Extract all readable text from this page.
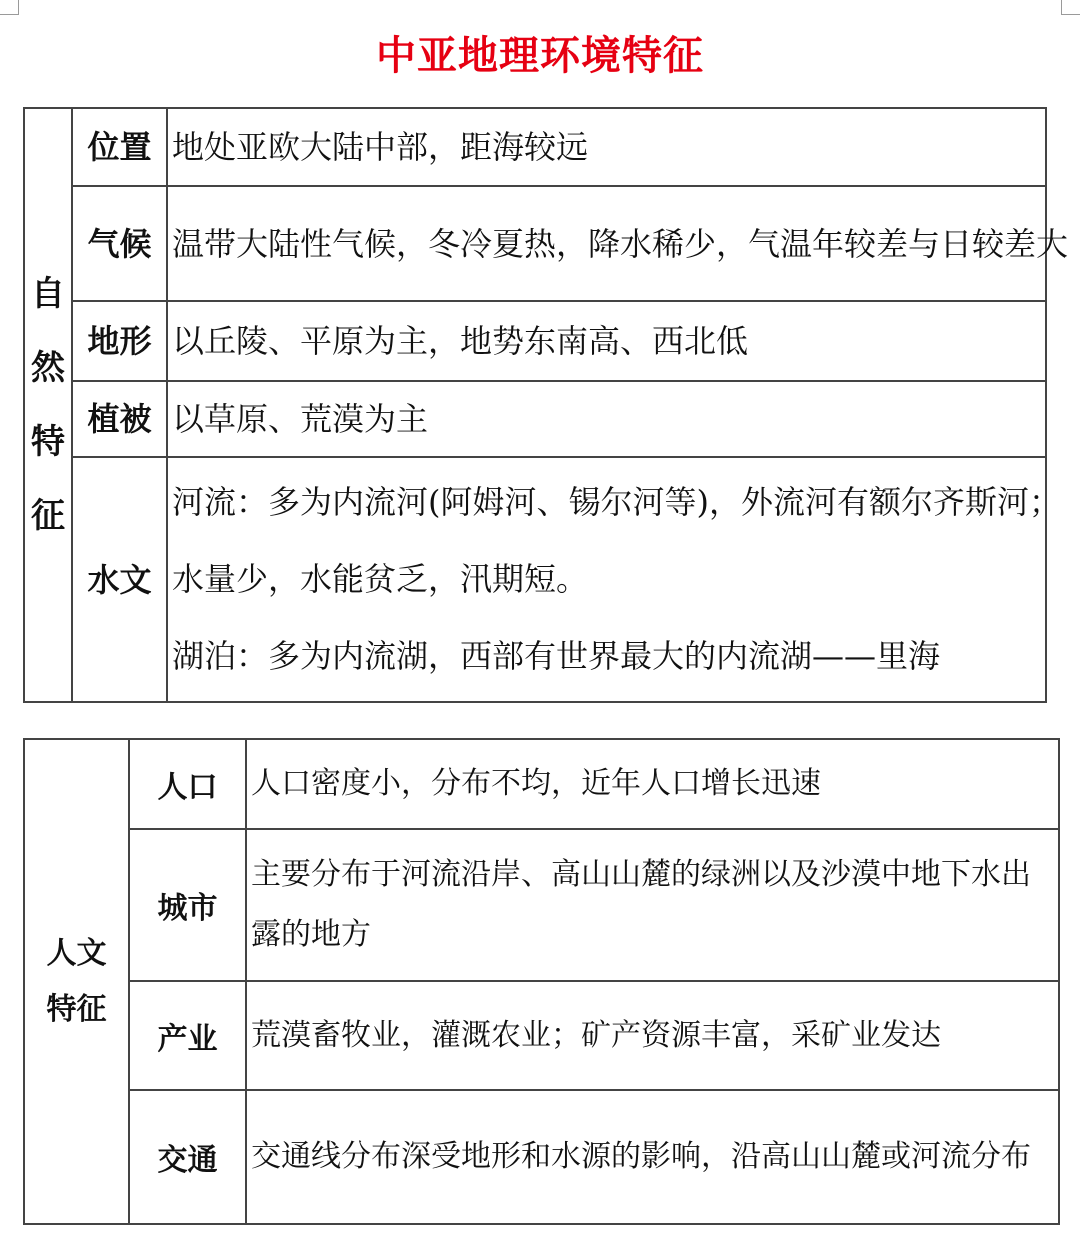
中亚地理环境特征
自
然
特
征	位置	地处亚欧大陆中部，距海较远
	气候	温带大陆性气候，冬冷夏热，降水稀少，气温年较差与日较差大
	地形	以丘陵、平原为主，地势东南高、西北低
	植被	以草原、荒漠为主
	水文	河流：多为内流河(阿姆河、锡尔河等)，外流河有额尔齐斯河；

水量少，水能贫乏，汛期短。

湖泊：多为内流湖，西部有世界最大的内流湖——里海

人文
特征	人口	人口密度小，分布不均，近年人口增长迅速
	城市	主要分布于河流沿岸、高山山麓的绿洲以及沙漠中地下水出露的地方
	产业	荒漠畜牧业，灌溉农业；矿产资源丰富，采矿业发达
	交通	交通线分布深受地形和水源的影响，沿高山山麓或河流分布
